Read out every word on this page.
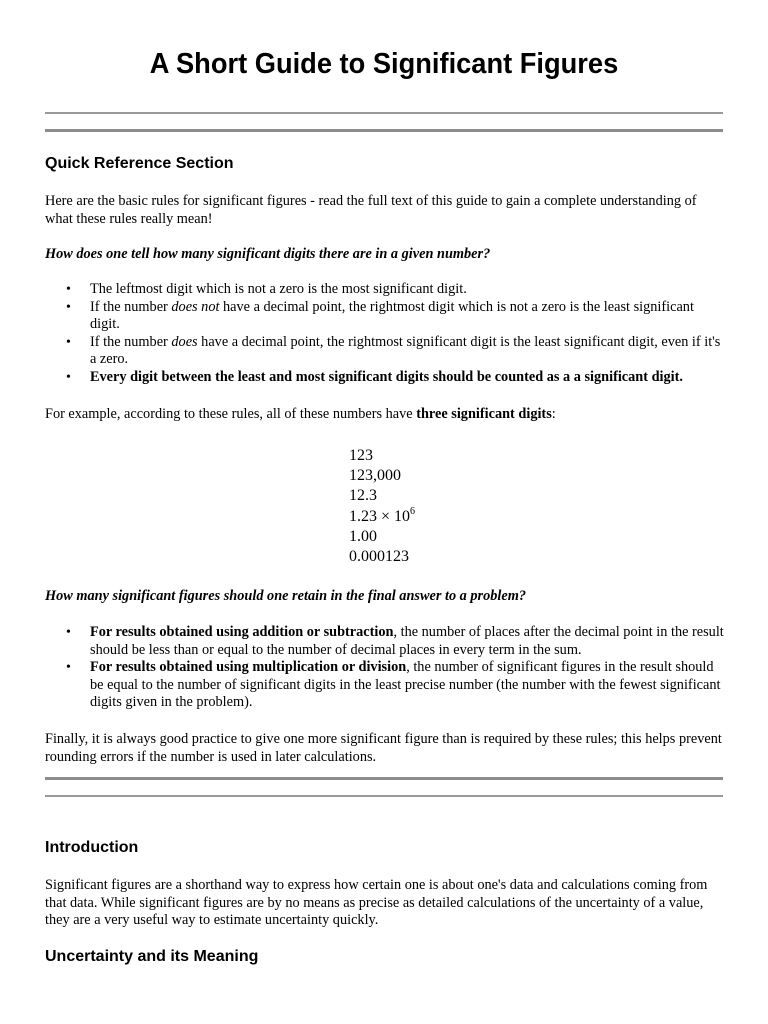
A Short Guide to Significant Figures
Quick Reference Section
Here are the basic rules for significant figures - read the full text of this guide to gain a complete understanding of what these rules really mean!
How does one tell how many significant digits there are in a given number?
• The leftmost digit which is not a zero is the most significant digit.
• If the number does not have a decimal point, the rightmost digit which is not a zero is the least significant digit.
• If the number does have a decimal point, the rightmost significant digit is the least significant digit, even if it's a zero.
• Every digit between the least and most significant digits should be counted as a a significant digit.
For example, according to these rules, all of these numbers have three significant digits:
123
123,000
12.3
$1.23 \times 10^6$
1.00
0.000123
How many significant figures should one retain in the final answer to a problem?
• For results obtained using addition or subtraction, the number of places after the decimal point in the result should be less than or equal to the number of decimal places in every term in the sum.
• For results obtained using multiplication or division, the number of significant figures in the result should be equal to the number of significant digits in the least precise number (the number with the fewest significant digits given in the problem).
Finally, it is always good practice to give one more significant figure than is required by these rules; this helps prevent rounding errors if the number is used in later calculations.
Introduction
Significant figures are a shorthand way to express how certain one is about one's data and calculations coming from that data. While significant figures are by no means as precise as detailed calculations of the uncertainty of a value, they are a very useful way to estimate uncertainty quickly.
Uncertainty and its Meaning
